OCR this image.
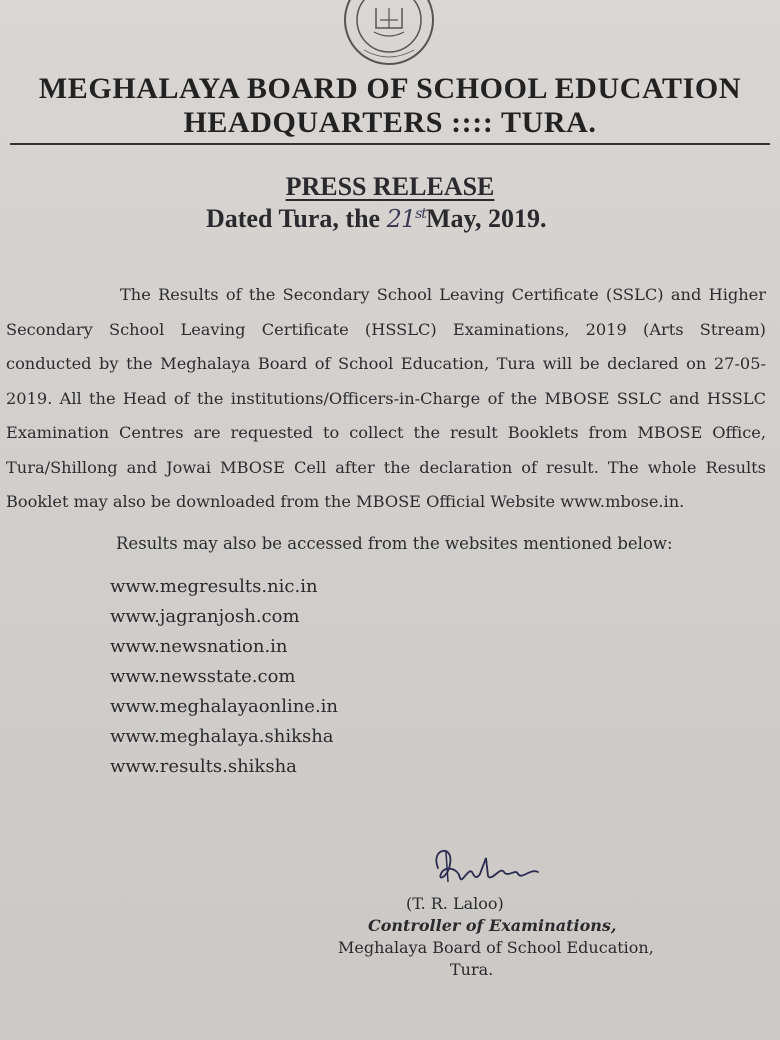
MEGHALAYA BOARD OF SCHOOL EDUCATION
HEADQUARTERS :::: TURA.
PRESS RELEASE
Dated Tura, the 21stMay, 2019.

The Results of the Secondary School Leaving Certificate (SSLC) and Higher Secondary School Leaving Certificate (HSSLC) Examinations, 2019 (Arts Stream) conducted by the Meghalaya Board of School Education, Tura will be declared on 27-05-2019. All the Head of the institutions/Officers-in-Charge of the MBOSE SSLC and HSSLC Examination Centres are requested to collect the result Booklets from MBOSE Office, Tura/Shillong and Jowai MBOSE Cell after the declaration of result. The whole Results Booklet may also be downloaded from the MBOSE Official Website www.mbose.in.

Results may also be accessed from the websites mentioned below:
www.megresults.nic.in
www.jagranjosh.com
www.newsnation.in
www.newsstate.com
www.meghalayaonline.in
www.meghalaya.shiksha
www.results.shiksha
(T. R. Laloo)
Controller of Examinations,
Meghalaya Board of School Education,
Tura.
